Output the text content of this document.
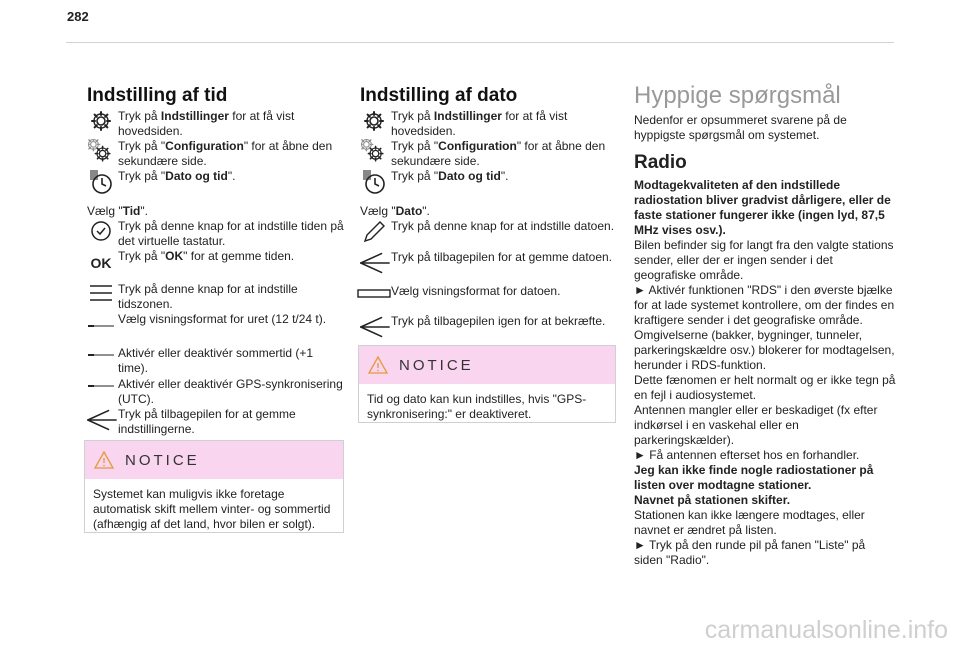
282
Indstilling af tid
Tryk på Indstillinger for at få vist hovedsiden.
Tryk på "Configuration" for at åbne den sekundære side.
Tryk på "Dato og tid".
Vælg "Tid".
Tryk på denne knap for at indstille tiden på det virtuelle tastatur.
OK Tryk på "OK" for at gemme tiden.
Tryk på denne knap for at indstille tidszonen.
Vælg visningsformat for uret (12 t/24 t).
Aktivér eller deaktivér sommertid (+1 time).
Aktivér eller deaktivér GPS-synkronisering (UTC).
Tryk på tilbagepilen for at gemme indstillingerne.
NOTICE
Systemet kan muligvis ikke foretage automatisk skift mellem vinter- og sommertid (afhængig af det land, hvor bilen er solgt).
Indstilling af dato
Tryk på Indstillinger for at få vist hovedsiden.
Tryk på "Configuration" for at åbne den sekundære side.
Tryk på "Dato og tid".
Vælg "Dato".
Tryk på denne knap for at indstille datoen.
Tryk på tilbagepilen for at gemme datoen.
Vælg visningsformat for datoen.
Tryk på tilbagepilen igen for at bekræfte.
NOTICE
Tid og dato kan kun indstilles, hvis "GPS-synkronisering:" er deaktiveret.
Hyppige spørgsmål
Nedenfor er opsummeret svarene på de hyppigste spørgsmål om systemet.
Radio
Modtagekvaliteten af den indstillede radiostation bliver gradvist dårligere, eller de faste stationer fungerer ikke (ingen lyd, 87,5 MHz vises osv.).
Bilen befinder sig for langt fra den valgte stations sender, eller der er ingen sender i det geografiske område.
► Aktivér funktionen "RDS" i den øverste bjælke for at lade systemet kontrollere, om der findes en kraftigere sender i det geografiske område.
Omgivelserne (bakker, bygninger, tunneler, parkeringskældre osv.) blokerer for modtagelsen, herunder i RDS-funktion.
Dette fænomen er helt normalt og er ikke tegn på en fejl i audiosystemet.
Antennen mangler eller er beskadiget (fx efter indkørsel i en vaskehal eller en parkeringskælder).
► Få antennen efterset hos en forhandler.
Jeg kan ikke finde nogle radiostationer på listen over modtagne stationer.
Navnet på stationen skifter.
Stationen kan ikke længere modtages, eller navnet er ændret på listen.
► Tryk på den runde pil på fanen "Liste" på siden "Radio".
carmanualsonline.info
